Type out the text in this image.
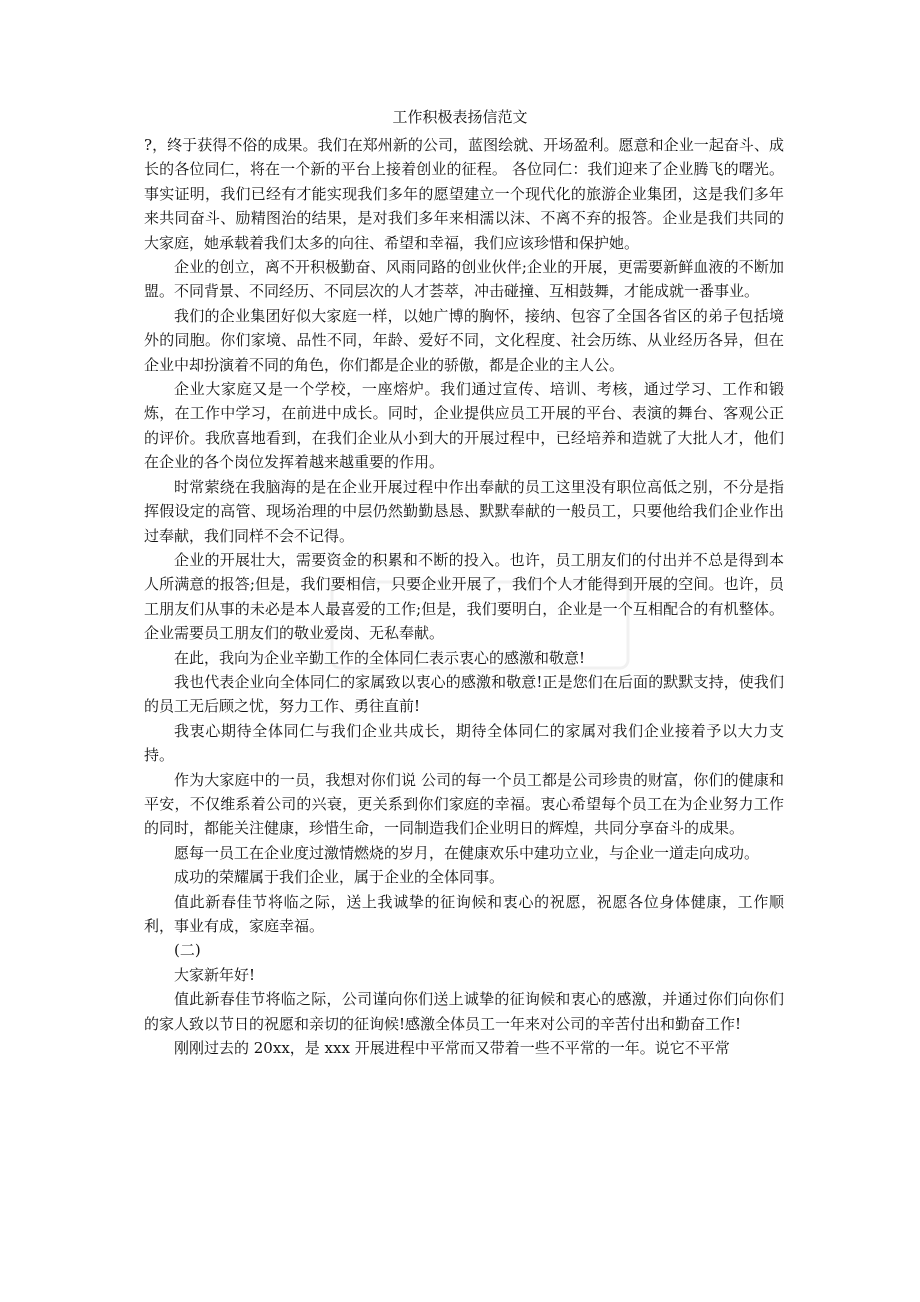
工作积极表扬信范文

?，终于获得不俗的成果。我们在郑州新的公司，蓝图绘就、开场盈利。愿意和企业一起奋斗、成长的各位同仁，将在一个新的平台上接着创业的征程。 各位同仁：我们迎来了企业腾飞的曙光。事实证明，我们已经有才能实现我们多年的愿望建立一个现代化的旅游企业集团，这是我们多年来共同奋斗、励精图治的结果，是对我们多年来相濡以沫、不离不弃的报答。企业是我们共同的大家庭，她承载着我们太多的向往、希望和幸福，我们应该珍惜和保护她。

企业的创立，离不开积极勤奋、风雨同路的创业伙伴;企业的开展，更需要新鲜血液的不断加盟。不同背景、不同经历、不同层次的人才荟萃，冲击碰撞、互相鼓舞，才能成就一番事业。

我们的企业集团好似大家庭一样，以她广博的胸怀，接纳、包容了全国各省区的弟子包括境外的同胞。你们家境、品性不同，年龄、爱好不同，文化程度、社会历练、从业经历各异，但在企业中却扮演着不同的角色，你们都是企业的骄傲，都是企业的主人公。

企业大家庭又是一个学校，一座熔炉。我们通过宣传、培训、考核，通过学习、工作和锻炼，在工作中学习，在前进中成长。同时，企业提供应员工开展的平台、表演的舞台、客观公正的评价。我欣喜地看到，在我们企业从小到大的开展过程中，已经培养和造就了大批人才，他们在企业的各个岗位发挥着越来越重要的作用。

时常萦绕在我脑海的是在企业开展过程中作出奉献的员工这里没有职位高低之别，不分是指挥假设定的高管、现场治理的中层仍然勤勤恳恳、默默奉献的一般员工，只要他给我们企业作出过奉献，我们同样不会不记得。

企业的开展壮大，需要资金的积累和不断的投入。也许，员工朋友们的付出并不总是得到本人所满意的报答;但是，我们要相信，只要企业开展了，我们个人才能得到开展的空间。也许，员工朋友们从事的未必是本人最喜爱的工作;但是，我们要明白，企业是一个互相配合的有机整体。企业需要员工朋友们的敬业爱岗、无私奉献。

在此，我向为企业辛勤工作的全体同仁表示衷心的感激和敬意!

我也代表企业向全体同仁的家属致以衷心的感激和敬意!正是您们在后面的默默支持，使我们的员工无后顾之忧，努力工作、勇往直前!

我衷心期待全体同仁与我们企业共成长，期待全体同仁的家属对我们企业接着予以大力支持。

作为大家庭中的一员，我想对你们说 公司的每一个员工都是公司珍贵的财富，你们的健康和平安，不仅维系着公司的兴衰，更关系到你们家庭的幸福。衷心希望每个员工在为企业努力工作的同时，都能关注健康，珍惜生命，一同制造我们企业明日的辉煌，共同分享奋斗的成果。

愿每一员工在企业度过激情燃烧的岁月，在健康欢乐中建功立业，与企业一道走向成功。

成功的荣耀属于我们企业，属于企业的全体同事。

值此新春佳节将临之际，送上我诚挚的征询候和衷心的祝愿，祝愿各位身体健康，工作顺利，事业有成，家庭幸福。

(二)

大家新年好!

值此新春佳节将临之际，公司谨向你们送上诚挚的征询候和衷心的感激，并通过你们向你们的家人致以节日的祝愿和亲切的征询候!感激全体员工一年来对公司的辛苦付出和勤奋工作!

刚刚过去的 20xx，是 xxx 开展进程中平常而又带着一些不平常的一年。说它不平常
